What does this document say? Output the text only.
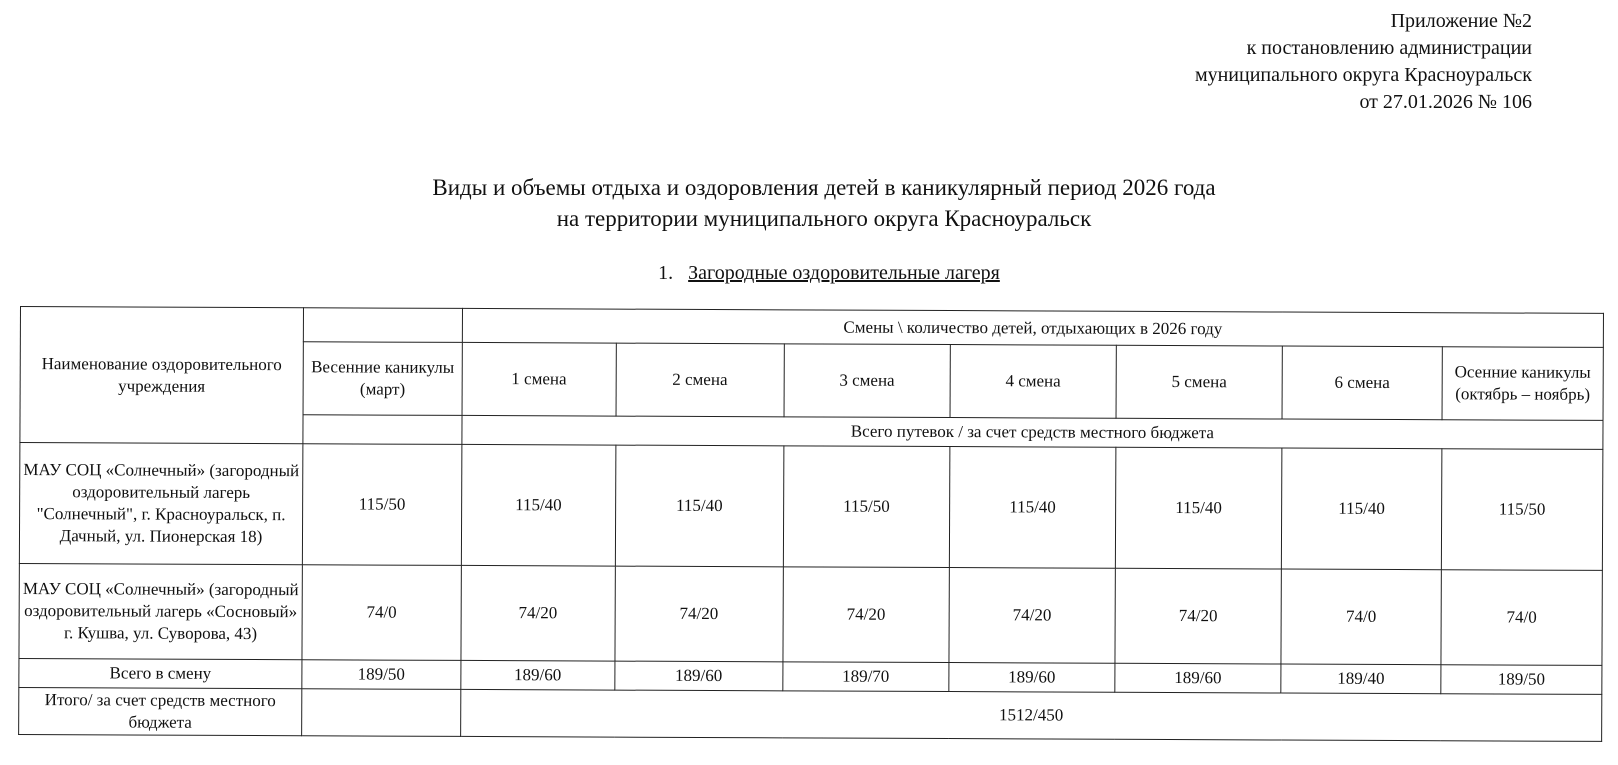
Приложение №2
к постановлению администрации
муниципального округа Красноуральск
от 27.01.2026 № 106
Виды и объемы отдыха и оздоровления детей в каникулярный период 2026 года
на территории муниципального округа Красноуральск
1. Загородные оздоровительные лагеря
Наименование оздоровительного учреждения		Смены \ количество детей, отдыхающих в 2026 году						
	Весенние каникулы (март)	1 смена	2 смена	3 смена	4 смена	5 смена	6 смена	Осенние каникулы (октябрь – ноябрь)
		Всего путевок / за счет средств местного бюджета						
МАУ СОЦ «Солнечный» (загородный оздоровительный лагерь "Солнечный", г. Красноуральск, п. Дачный, ул. Пионерская 18)	115/50	115/40	115/40	115/50	115/40	115/40	115/40	115/50
МАУ СОЦ «Солнечный» (загородный оздоровительный лагерь «Сосновый» г. Кушва, ул. Суворова, 43)	74/0	74/20	74/20	74/20	74/20	74/20	74/0	74/0
Всего в смену	189/50	189/60	189/60	189/70	189/60	189/60	189/40	189/50
Итого/ за счет средств местного бюджета		1512/450						
